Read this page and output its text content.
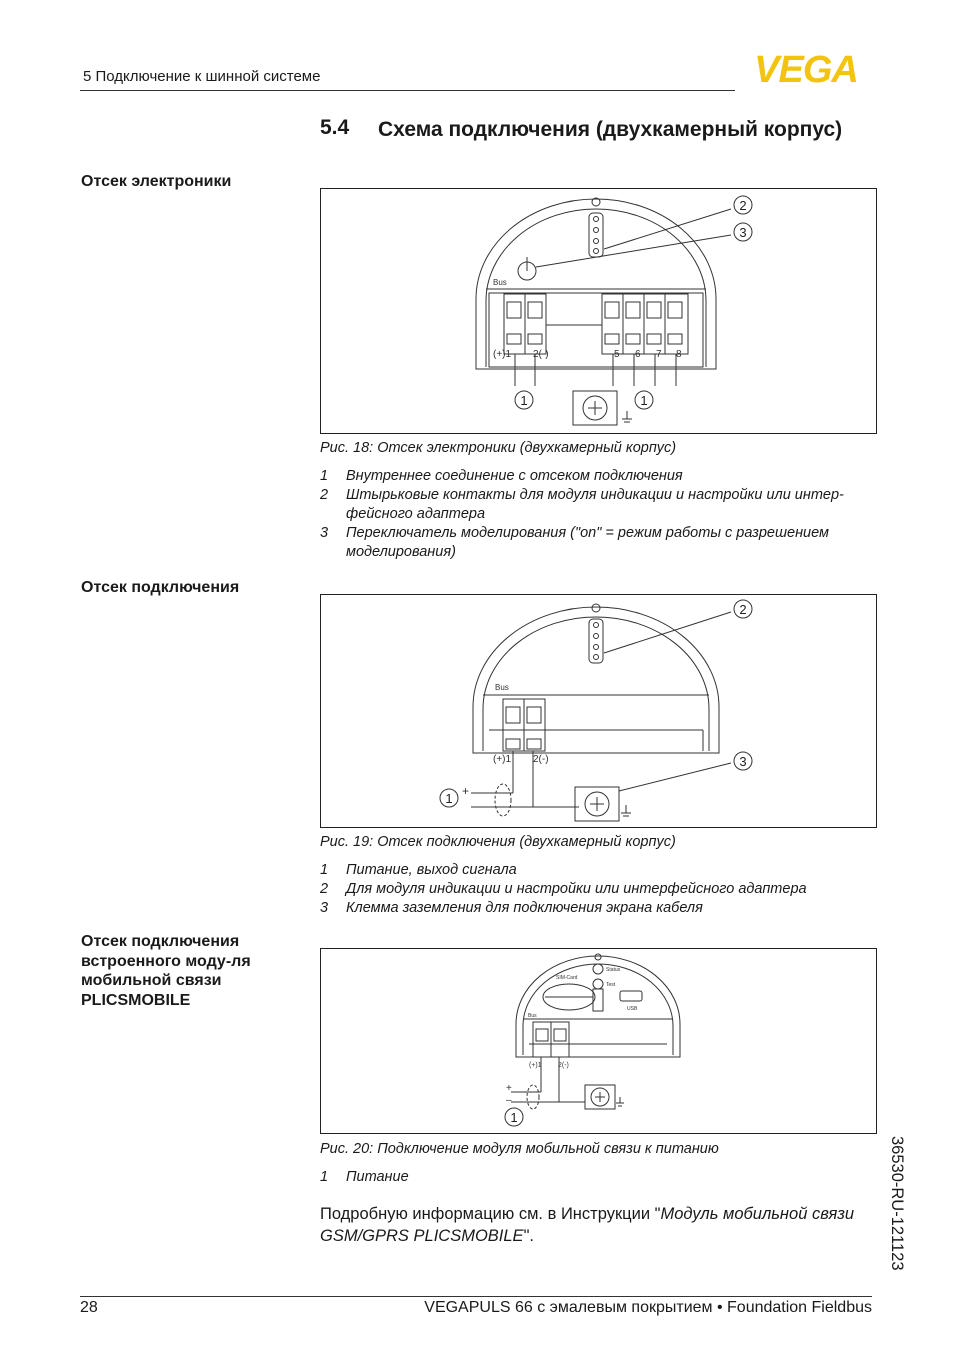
5 Подключение к шинной системе	VEGA
5.4 Схема подключения (двухкамерный корпус)
Отсек электроники
Bus
(+)1 2(-)	5 6 7 8
1	1
2
3
Рис. 18: Отсек электроники (двухкамерный корпус)
1	Внутреннее соединение с отсеком подключения
2	Штырьковые контакты для модуля индикации и настройки или интер-фейсного адаптера
3	Переключатель моделирования ("on" = режим работы с разрешением моделирования)
Отсек подключения
Bus
(+)1 2(-)
+
1
2
3
Рис. 19: Отсек подключения (двухкамерный корпус)
1	Питание, выход сигнала
2	Для модуля индикации и настройки или интерфейсного адаптера
3	Клемма заземления для подключения экрана кабеля
Отсек подключения встроенного моду-ля мобильной связи PLICSMOBILE
SIM-Card
Status
Test
USB
Bus
(+)1 2(-)
+
–
1
Рис. 20: Подключение модуля мобильной связи к питанию
1	Питание
Подробную информацию см. в Инструкции "Модуль мобильной связи GSM/GPRS PLICSMOBILE".	36530-RU-121123
28	VEGAPULS 66 с эмалевым покрытием • Foundation Fieldbus
